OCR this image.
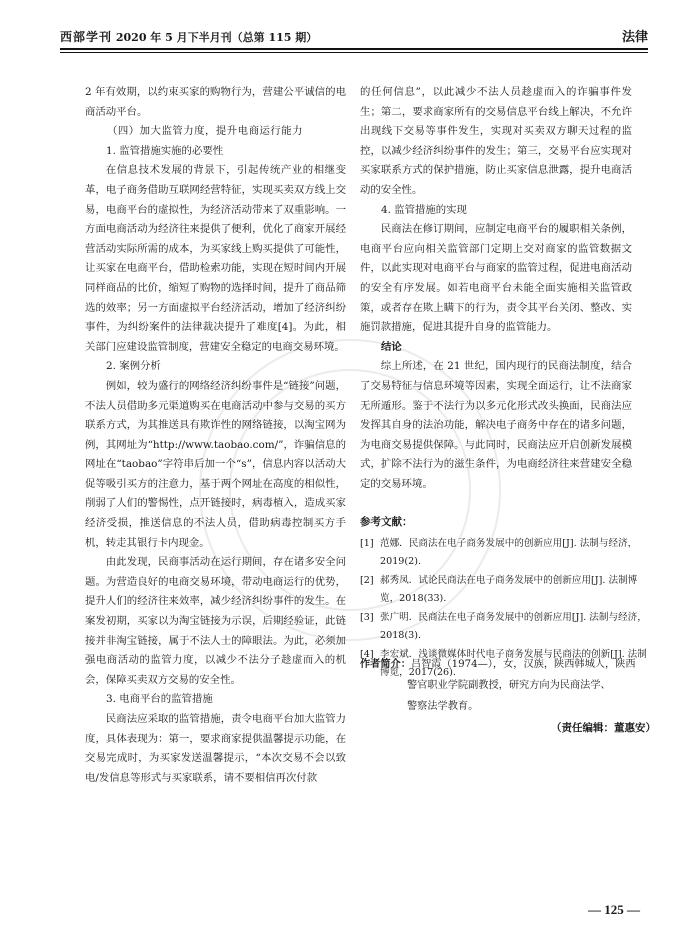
西部学刊 2020 年 5 月下半月刊（总第 115 期）	法律

2 年有效期，以约束买家的购物行为，营建公平诚信的电商活动平台。

（四）加大监管力度，提升电商运行能力
1. 监管措施实施的必要性

在信息技术发展的背景下，引起传统产业的相继变革，电子商务借助互联网经营特征，实现买卖双方线上交易，电商平台的虚拟性，为经济活动带来了双重影响。一方面电商活动为经济往来提供了便利，优化了商家开展经营活动实际所需的成本，为买家线上购买提供了可能性，让买家在电商平台，借助检索功能，实现在短时间内开展同样商品的比价，缩短了购物的选择时间，提升了商品筛选的效率；另一方面虚拟平台经济活动，增加了经济纠纷事件，为纠纷案件的法律裁决提升了难度[4]。为此，相关部门应建设监管制度，营建安全稳定的电商交易环境。

2. 案例分析

例如，较为盛行的网络经济纠纷事件是“链接”问题，不法人员借助多元渠道购买在电商活动中参与交易的买方联系方式，为其推送具有欺诈性的网络链接，以淘宝网为例，其网址为“http://www.taobao.com/”，诈骗信息的网址在“taobao”字符串后加一个“s”，信息内容以活动大促等吸引买方的注意力，基于两个网址在高度的相似性，削弱了人们的警惕性，点开链接时，病毒植入，造成买家经济受损，推送信息的不法人员，借助病毒控制买方手机，转走其银行卡内现金。

由此发现，民商事活动在运行期间，存在诸多安全问题。为营造良好的电商交易环境，带动电商运行的优势，提升人们的经济往来效率，减少经济纠纷事件的发生。在案发初期，买家以为淘宝链接为示误，后期经验证，此链接并非淘宝链接，属于不法人士的障眼法。为此，必须加强电商活动的监管力度，以减少不法分子趁虚而入的机会，保障买卖双方交易的安全性。

3. 电商平台的监管措施

民商法应采取的监管措施，责令电商平台加大监管力度，具体表现为：第一，要求商家提供温馨提示功能，在交易完成时，为买家发送温馨提示，“本次交易不会以致电/发信息等形式与买家联系，请不要相信再次付款

的任何信息”，以此减少不法人员趁虚而入的诈骗事件发生；第二，要求商家所有的交易信息平台线上解决，不允许出现线下交易等事件发生，实现对买卖双方聊天过程的监控，以减少经济纠纷事件的发生；第三，交易平台应实现对买家联系方式的保护措施，防止买家信息泄露，提升电商活动的安全性。

4. 监管措施的实现

民商法在修订期间，应制定电商平台的履职相关条例，电商平台应向相关监管部门定期上交对商家的监管数据文件，以此实现对电商平台与商家的监管过程，促进电商活动的安全有序发展。如若电商平台未能全面实施相关监管政策，或者存在欺上瞒下的行为，责令其平台关闭、整改、实施罚款措施，促进其提升自身的监管能力。

结论

综上所述，在 21 世纪，国内现行的民商法制度，结合了交易特征与信息环境等因素，实现全面运行，让不法商家无所遁形。鉴于不法行为以多元化形式改头换面，民商法应发挥其自身的法治功能，解决电子商务中存在的诸多问题，为电商交易提供保障。与此同时，民商法应开启创新发展模式，扩除不法行为的滋生条件，为电商经济往来营建安全稳定的交易环境。

参考文献：
[1] 范娜．民商法在电子商务发展中的创新应用[J]. 法制与经济，2019(2).
[2] 郝秀凤．试论民商法在电子商务发展中的创新应用[J]. 法制博览，2018(33).
[3] 张广明．民商法在电子商务发展中的创新应用[J]. 法制与经济，2018(3).
[4] 李宏斌．浅谈微媒体时代电子商务发展与民商法的创新[J]. 法制博览，2017(26).
作者简介：吕智霞（1974—），女，汉族，陕西韩城人，陕西
警官职业学院副教授，研究方向为民商法学、
警察法学教育。
（责任编辑：董惠安）
— 125 —
